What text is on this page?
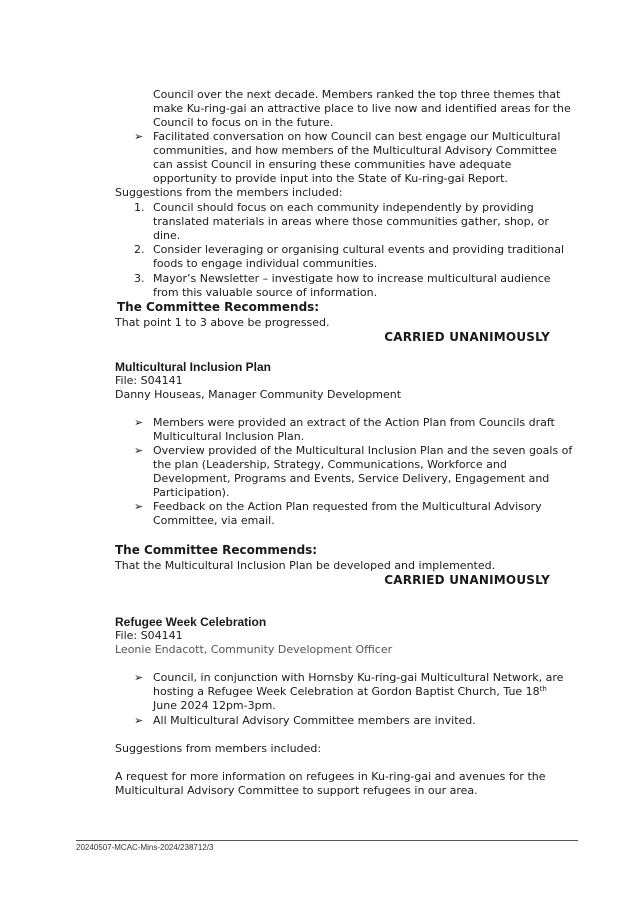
Council over the next decade. Members ranked the top three themes that
make Ku-ring-gai an attractive place to live now and identified areas for the
Council to focus on in the future.
➢ Facilitated conversation on how Council can best engage our Multicultural
communities, and how members of the Multicultural Advisory Committee
can assist Council in ensuring these communities have adequate
opportunity to provide input into the State of Ku-ring-gai Report.
Suggestions from the members included:
1. Council should focus on each community independently by providing
translated materials in areas where those communities gather, shop, or
dine.
2. Consider leveraging or organising cultural events and providing traditional
foods to engage individual communities.
3. Mayor’s Newsletter – investigate how to increase multicultural audience
from this valuable source of information.
The Committee Recommends:
That point 1 to 3 above be progressed.
CARRIED UNANIMOUSLY
Multicultural Inclusion Plan
File: S04141
Danny Houseas, Manager Community Development
➢ Members were provided an extract of the Action Plan from Councils draft
Multicultural Inclusion Plan.
➢ Overview provided of the Multicultural Inclusion Plan and the seven goals of
the plan (Leadership, Strategy, Communications, Workforce and
Development, Programs and Events, Service Delivery, Engagement and
Participation).
➢ Feedback on the Action Plan requested from the Multicultural Advisory
Committee, via email.
The Committee Recommends:
That the Multicultural Inclusion Plan be developed and implemented.
CARRIED UNANIMOUSLY
Refugee Week Celebration
File: S04141
Leonie Endacott, Community Development Officer
➢ Council, in conjunction with Hornsby Ku-ring-gai Multicultural Network, are
hosting a Refugee Week Celebration at Gordon Baptist Church, Tue 18th
June 2024 12pm-3pm.
➢ All Multicultural Advisory Committee members are invited.
Suggestions from members included:
A request for more information on refugees in Ku-ring-gai and avenues for the
Multicultural Advisory Committee to support refugees in our area.
20240507-MCAC-Mins-2024/238712/3
